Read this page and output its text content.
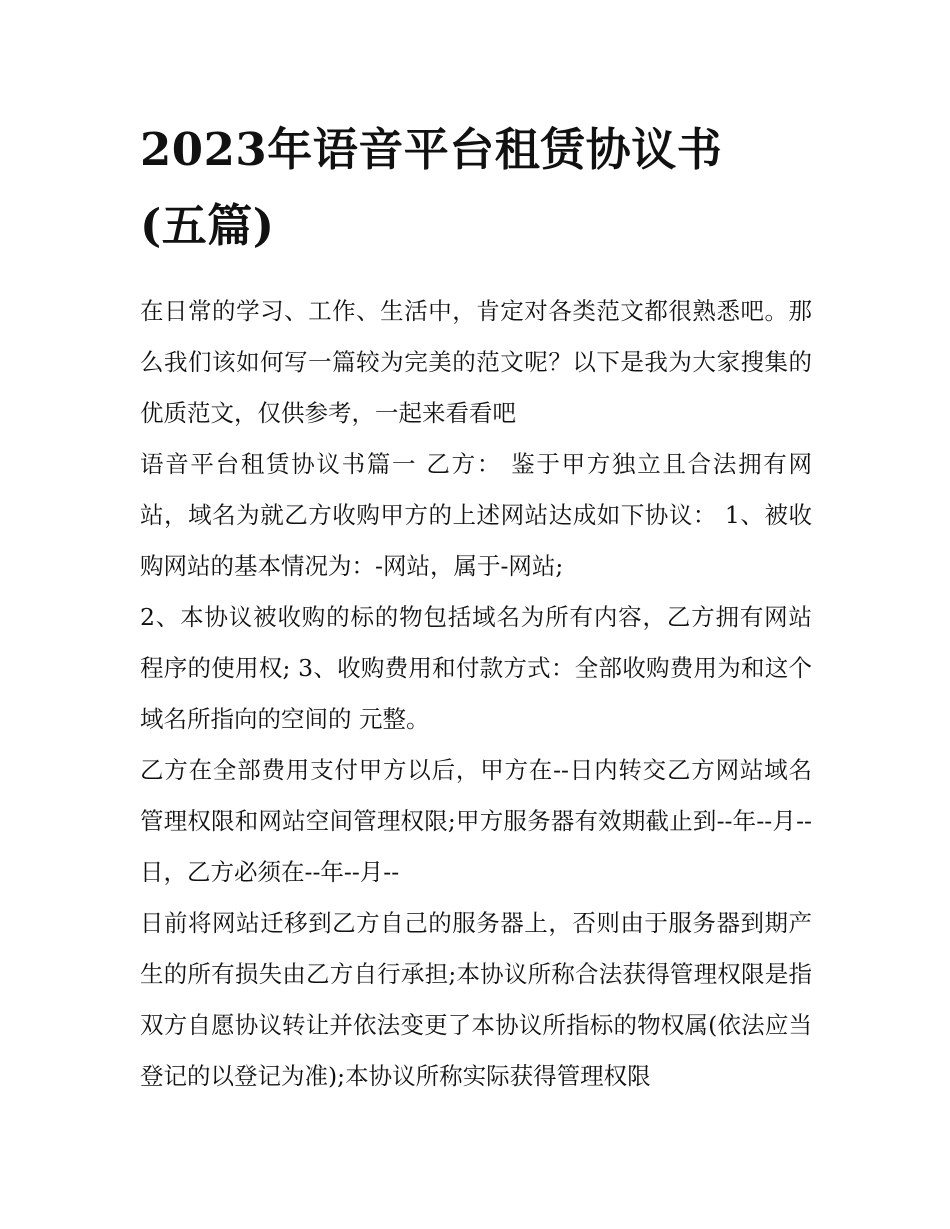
2023年语音平台租赁协议书
(五篇)

在日常的学习、工作、生活中，肯定对各类范文都很熟悉吧。那么我们该如何写一篇较为完美的范文呢？以下是我为大家搜集的优质范文，仅供参考，一起来看看吧

语音平台租赁协议书篇一 乙方： 鉴于甲方独立且合法拥有网站，域名为就乙方收购甲方的上述网站达成如下协议： 1、被收购网站的基本情况为：-网站，属于-网站;

2、本协议被收购的标的物包括域名为所有内容，乙方拥有网站程序的使用权; 3、收购费用和付款方式：全部收购费用为和这个域名所指向的空间的 元整。

乙方在全部费用支付甲方以后，甲方在--日内转交乙方网站域名管理权限和网站空间管理权限;甲方服务器有效期截止到--年--月--日，乙方必须在--年--月--

日前将网站迁移到乙方自己的服务器上，否则由于服务器到期产生的所有损失由乙方自行承担;本协议所称合法获得管理权限是指双方自愿协议转让并依法变更了本协议所指标的物权属(依法应当登记的以登记为准);本协议所称实际获得管理权限
